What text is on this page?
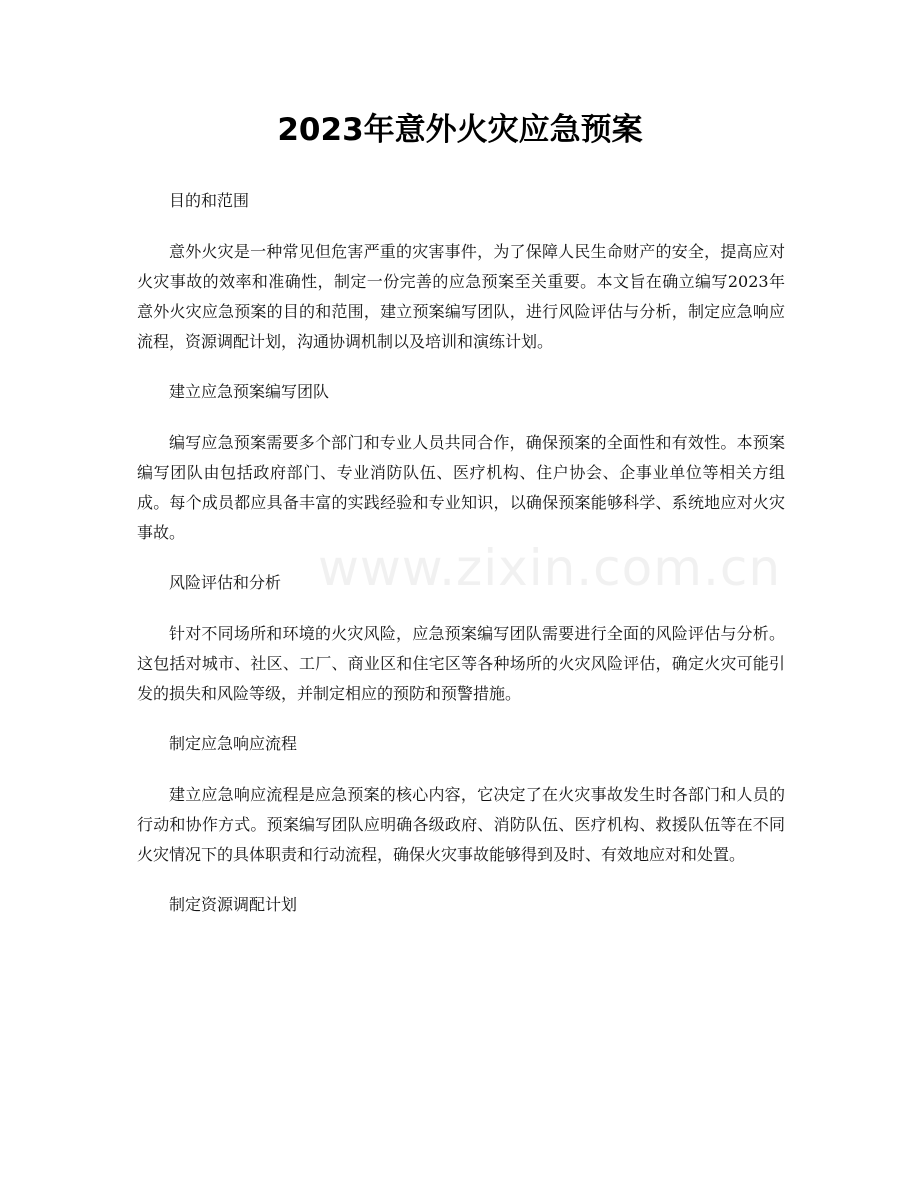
2023年意外火灾应急预案
www.zixin.com.cn

目的和范围

意外火灾是一种常见但危害严重的灾害事件，为了保障人民生命财产的安全，提高应对火灾事故的效率和准确性，制定一份完善的应急预案至关重要。本文旨在确立编写2023年意外火灾应急预案的目的和范围，建立预案编写团队，进行风险评估与分析，制定应急响应流程，资源调配计划，沟通协调机制以及培训和演练计划。

建立应急预案编写团队

编写应急预案需要多个部门和专业人员共同合作，确保预案的全面性和有效性。本预案编写团队由包括政府部门、专业消防队伍、医疗机构、住户协会、企事业单位等相关方组成。每个成员都应具备丰富的实践经验和专业知识，以确保预案能够科学、系统地应对火灾事故。

风险评估和分析

针对不同场所和环境的火灾风险，应急预案编写团队需要进行全面的风险评估与分析。这包括对城市、社区、工厂、商业区和住宅区等各种场所的火灾风险评估，确定火灾可能引发的损失和风险等级，并制定相应的预防和预警措施。

制定应急响应流程

建立应急响应流程是应急预案的核心内容，它决定了在火灾事故发生时各部门和人员的行动和协作方式。预案编写团队应明确各级政府、消防队伍、医疗机构、救援队伍等在不同火灾情况下的具体职责和行动流程，确保火灾事故能够得到及时、有效地应对和处置。

制定资源调配计划
